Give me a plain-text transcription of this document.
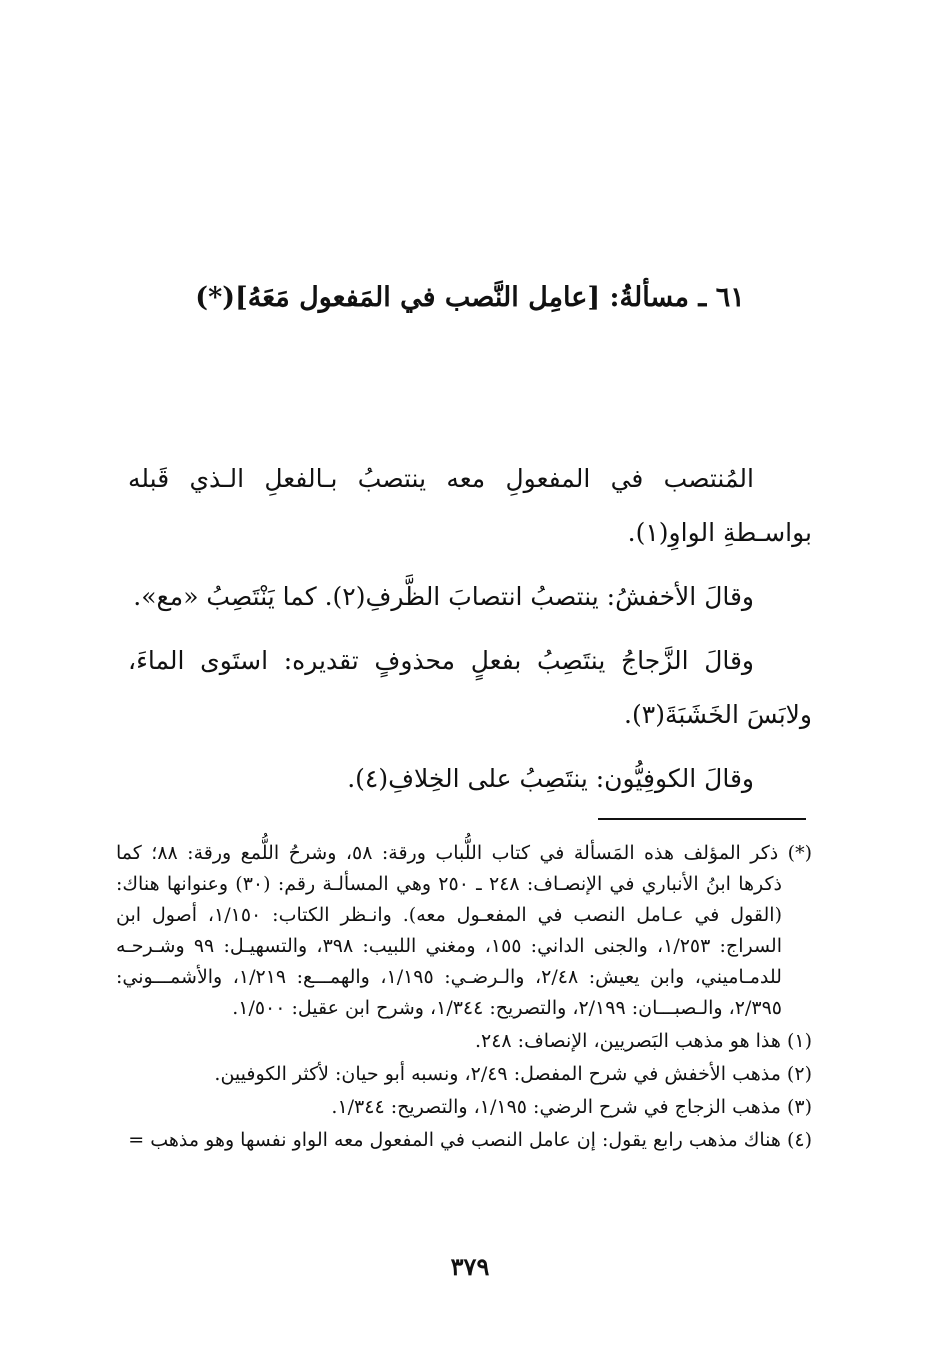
٦١ ـ مسألةُ: [عامِل النَّصب في المَفعول مَعَهُ](*)

المُنتصب في المفعولِ معه ينتصبُ بـالفعلِ الـذي قَبله بواسـطةِ الواوِ(١).

وقالَ الأخفشُ: ينتصبُ انتصابَ الظَّرفِ(٢). كما يَنْتَصِبُ «مع».

وقالَ الزَّجاجُ ينتَصِبُ بفعلٍ محذوفٍ تقديره: استَوى الماءَ، ولابَسَ الخَشَبَةَ(٣).

وقالَ الكوفِيُّون: ينتَصِبُ على الخِلافِ(٤).

(*) ذكر المؤلف هذه المَسألة في كتاب اللُّباب ورقة: ٥٨، وشرحُ اللُّمع ورقة: ٨٨؛ كما ذكرها ابنُ الأنباري في الإنصـاف: ٢٤٨ ـ ٢٥٠ وهي المسألـة رقم: (٣٠) وعنوانها هناك: (القول في عـامل النصب في المفعـول معه). وانـظر الكتاب: ١/١٥٠، أصول ابن السراج: ١/٢٥٣، والجنى الداني: ١٥٥، ومغني اللبيب: ٣٩٨، والتسهيـل: ٩٩ وشـرحـه للدمـاميني، وابن يعيش: ٢/٤٨، والـرضـي: ١/١٩٥، والهمـــع: ١/٢١٩، والأشمـــوني: ٢/٣٩٥، والـصبـــان: ٢/١٩٩، والتصريح: ١/٣٤٤، وشرح ابن عقيل: ١/٥٠٠.

(١) هذا هو مذهب البَصريين، الإنصاف: ٢٤٨.

(٢) مذهب الأخفش في شرح المفصل: ٢/٤٩، ونسبه أبو حيان: لأكثر الكوفيين.

(٣) مذهب الزجاج في شرح الرضي: ١/١٩٥، والتصريح: ١/٣٤٤.

(٤) هناك مذهب رابع يقول: إن عامل النصب في المفعول معه الواو نفسها وهو مذهب =

٣٧٩
